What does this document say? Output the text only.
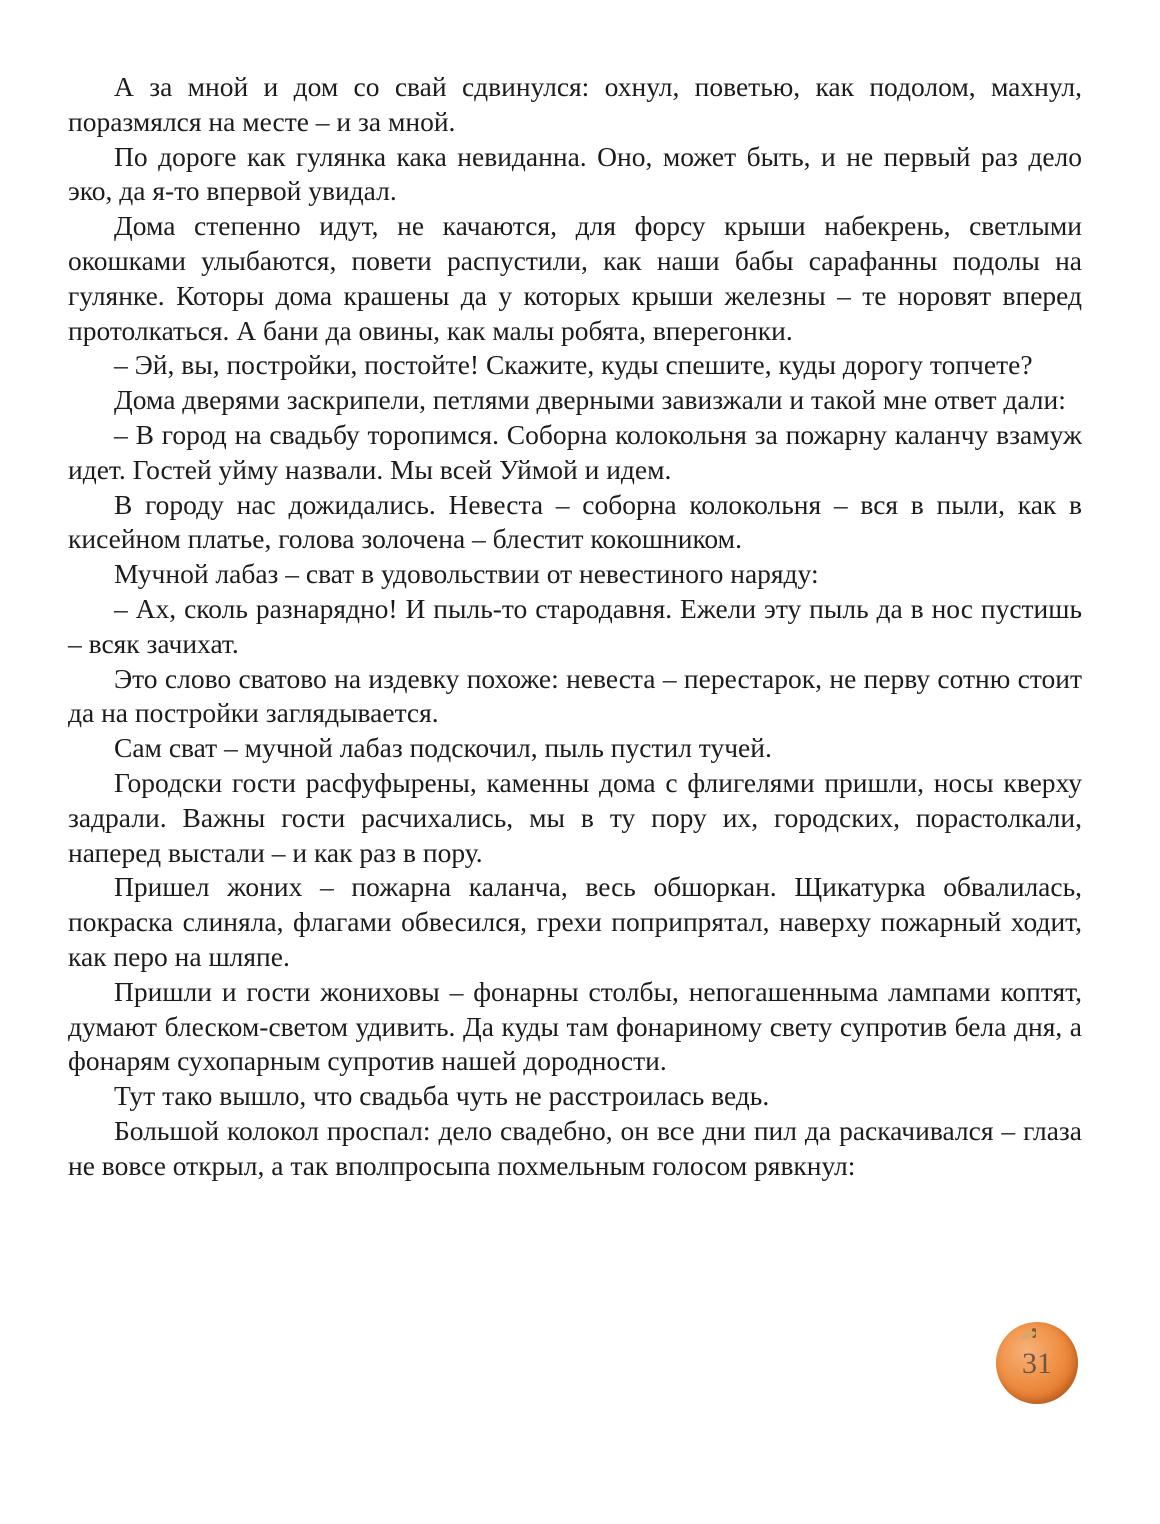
А за мной и дом со свай сдвинулся: охнул, поветью, как подолом, махнул, поразмялся на месте – и за мной.

По дороге как гулянка кака невиданна. Оно, может быть, и не первый раз дело эко, да я-то впервой увидал.

Дома степенно идут, не качаются, для форсу крыши набекрень, светлыми окошками улыбаются, повети распустили, как наши бабы сарафанны подолы на гулянке. Которы дома крашены да у которых крыши железны – те норовят вперед протолкаться. А бани да овины, как малы робята, вперегонки.

– Эй, вы, постройки, постойте! Скажите, куды спешите, куды дорогу топчете?

Дома дверями заскрипели, петлями дверными завизжали и такой мне ответ дали:

– В город на свадьбу торопимся. Соборна колокольня за пожарну каланчу взамуж идет. Гостей уйму назвали. Мы всей Уймой и идем.

В городу нас дожидались. Невеста – соборна колокольня – вся в пыли, как в кисейном платье, голова золочена – блестит кокошником.

Мучной лабаз – сват в удовольствии от невестиного наряду:

– Ах, сколь разнарядно! И пыль-то стародавня. Ежели эту пыль да в нос пустишь – всяк зачихат.

Это слово сватово на издевку похоже: невеста – перестарок, не перву сотню стоит да на постройки заглядывается.

Сам сват – мучной лабаз подскочил, пыль пустил тучей.

Городски гости расфуфырены, каменны дома с флигелями пришли, носы кверху задрали. Важны гости расчихались, мы в ту пору их, городских, порастолкали, наперед выстали – и как раз в пору.

Пришел жоних – пожарна каланча, весь обшоркан. Щикатурка обвалилась, покраска слиняла, флагами обвесился, грехи поприпрятал, наверху пожарный ходит, как перо на шляпе.

Пришли и гости жониховы – фонарны столбы, непогашенныма лампами коптят, думают блеском-светом удивить. Да куды там фонариному свету супротив бела дня, а фонарям сухопарным супротив нашей дородности.

Тут тако вышло, что свадьба чуть не расстроилась ведь.

Большой колокол проспал: дело свадебно, он все дни пил да раскачивался – глаза не вовсе открыл, а так вполпросыпа похмельным голосом рявкнул:

31
